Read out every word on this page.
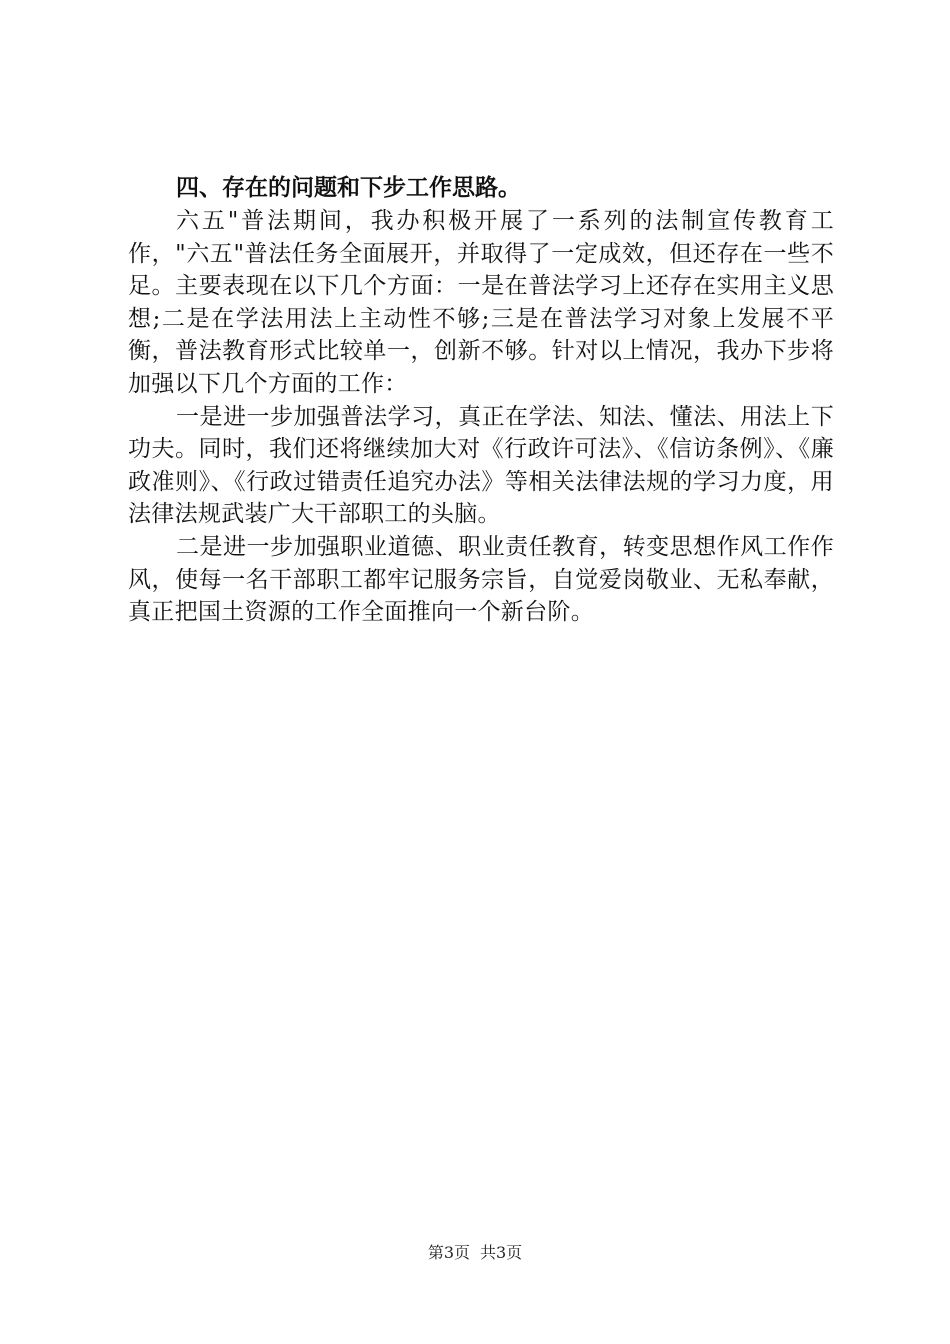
四、存在的问题和下步工作思路。

六五"普法期间，我办积极开展了一系列的法制宣传教育工作，"六五"普法任务全面展开，并取得了一定成效，但还存在一些不足。主要表现在以下几个方面：一是在普法学习上还存在实用主义思想;二是在学法用法上主动性不够;三是在普法学习对象上发展不平衡，普法教育形式比较单一，创新不够。针对以上情况，我办下步将加强以下几个方面的工作：

一是进一步加强普法学习，真正在学法、知法、懂法、用法上下功夫。同时，我们还将继续加大对《行政许可法》、《信访条例》、《廉政准则》、《行政过错责任追究办法》等相关法律法规的学习力度，用法律法规武装广大干部职工的头脑。

二是进一步加强职业道德、职业责任教育，转变思想作风工作作风，使每一名干部职工都牢记服务宗旨，自觉爱岗敬业、无私奉献，真正把国土资源的工作全面推向一个新台阶。

第3页 共3页
